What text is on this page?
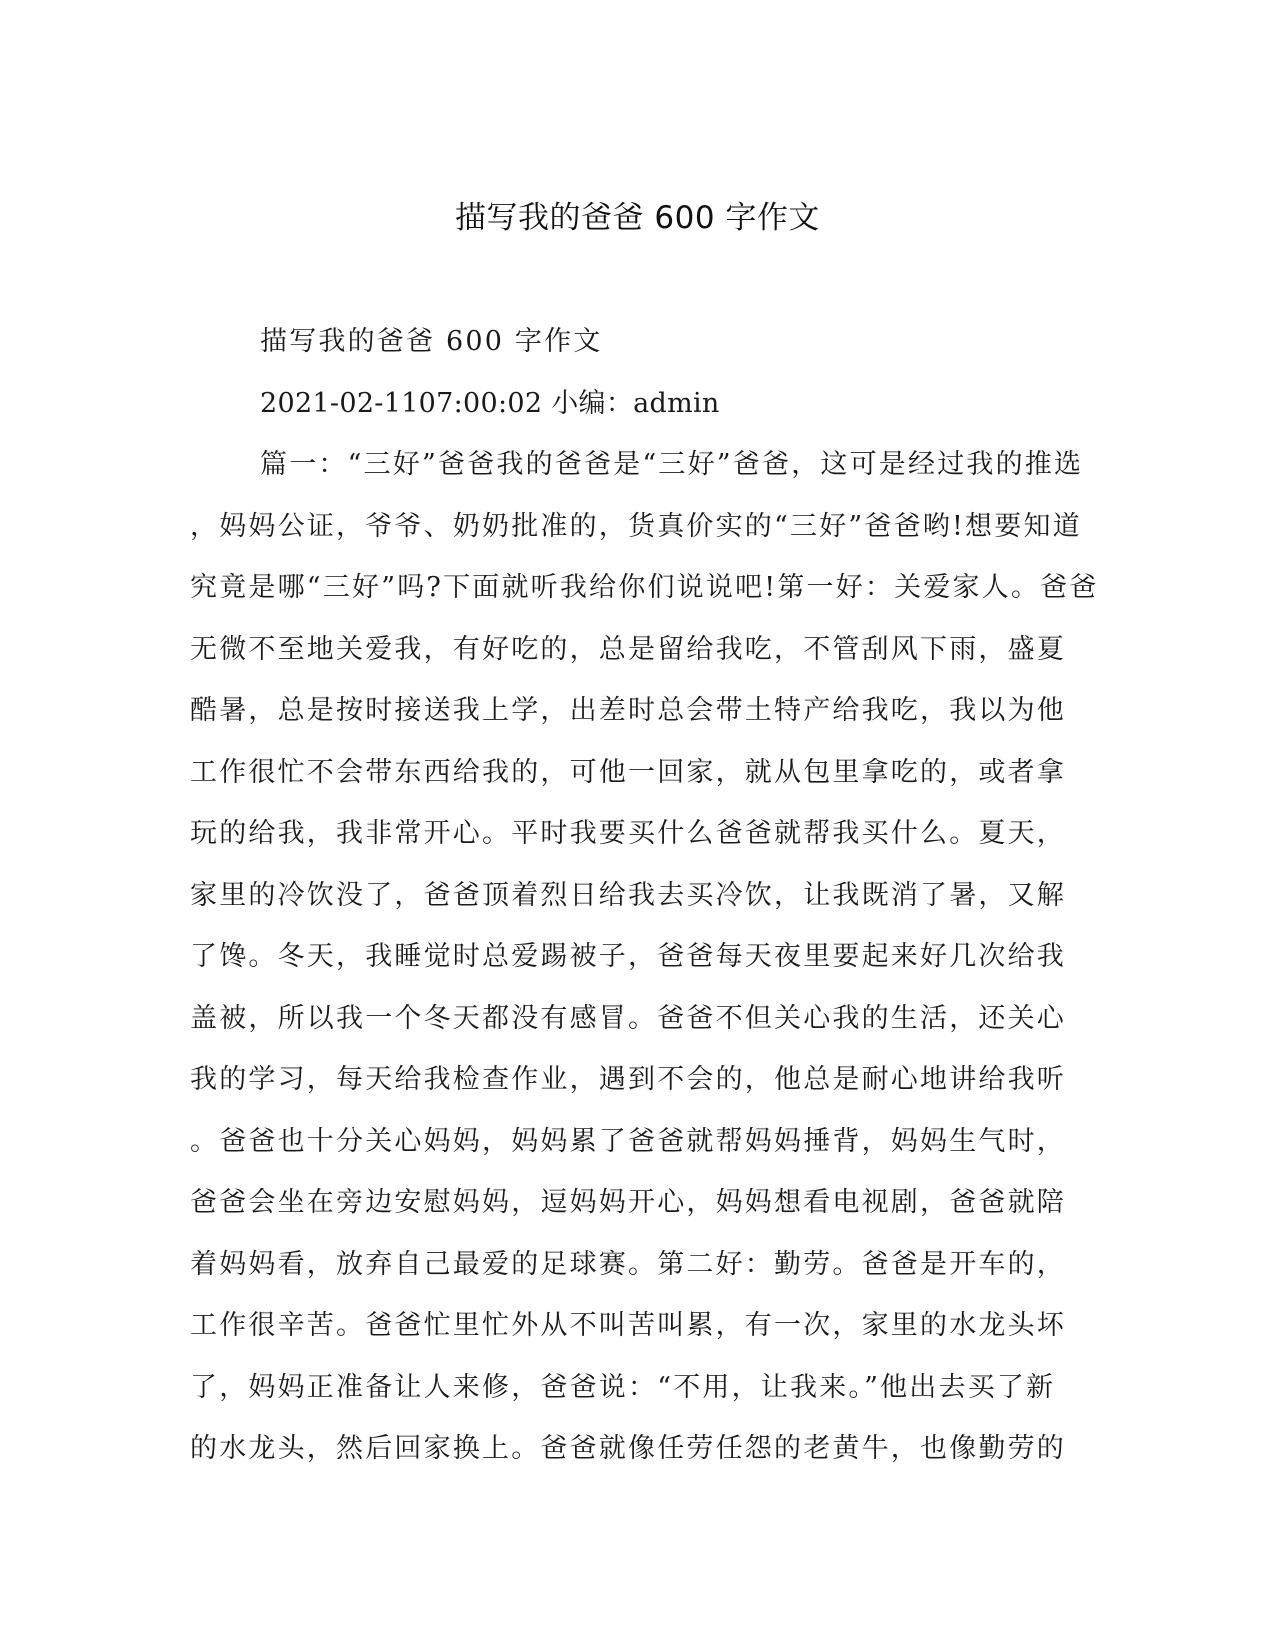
描写我的爸爸 600 字作文
描写我的爸爸 600 字作文
2021-02-1107:00:02 小编：admin
篇一：“三好”爸爸我的爸爸是“三好”爸爸，这可是经过我的推选
，妈妈公证，爷爷、奶奶批准的，货真价实的“三好”爸爸哟!想要知道
究竟是哪“三好”吗?下面就听我给你们说说吧!第一好：关爱家人。爸爸
无微不至地关爱我，有好吃的，总是留给我吃，不管刮风下雨，盛夏
酷暑，总是按时接送我上学，出差时总会带土特产给我吃，我以为他
工作很忙不会带东西给我的，可他一回家，就从包里拿吃的，或者拿
玩的给我，我非常开心。平时我要买什么爸爸就帮我买什么。夏天，
家里的冷饮没了，爸爸顶着烈日给我去买冷饮，让我既消了暑，又解
了馋。冬天，我睡觉时总爱踢被子，爸爸每天夜里要起来好几次给我
盖被，所以我一个冬天都没有感冒。爸爸不但关心我的生活，还关心
我的学习，每天给我检查作业，遇到不会的，他总是耐心地讲给我听
。爸爸也十分关心妈妈，妈妈累了爸爸就帮妈妈捶背，妈妈生气时，
爸爸会坐在旁边安慰妈妈，逗妈妈开心，妈妈想看电视剧，爸爸就陪
着妈妈看，放弃自己最爱的足球赛。第二好：勤劳。爸爸是开车的，
工作很辛苦。爸爸忙里忙外从不叫苦叫累，有一次，家里的水龙头坏
了，妈妈正准备让人来修，爸爸说：“不用，让我来。”他出去买了新
的水龙头，然后回家换上。爸爸就像任劳任怨的老黄牛，也像勤劳的
